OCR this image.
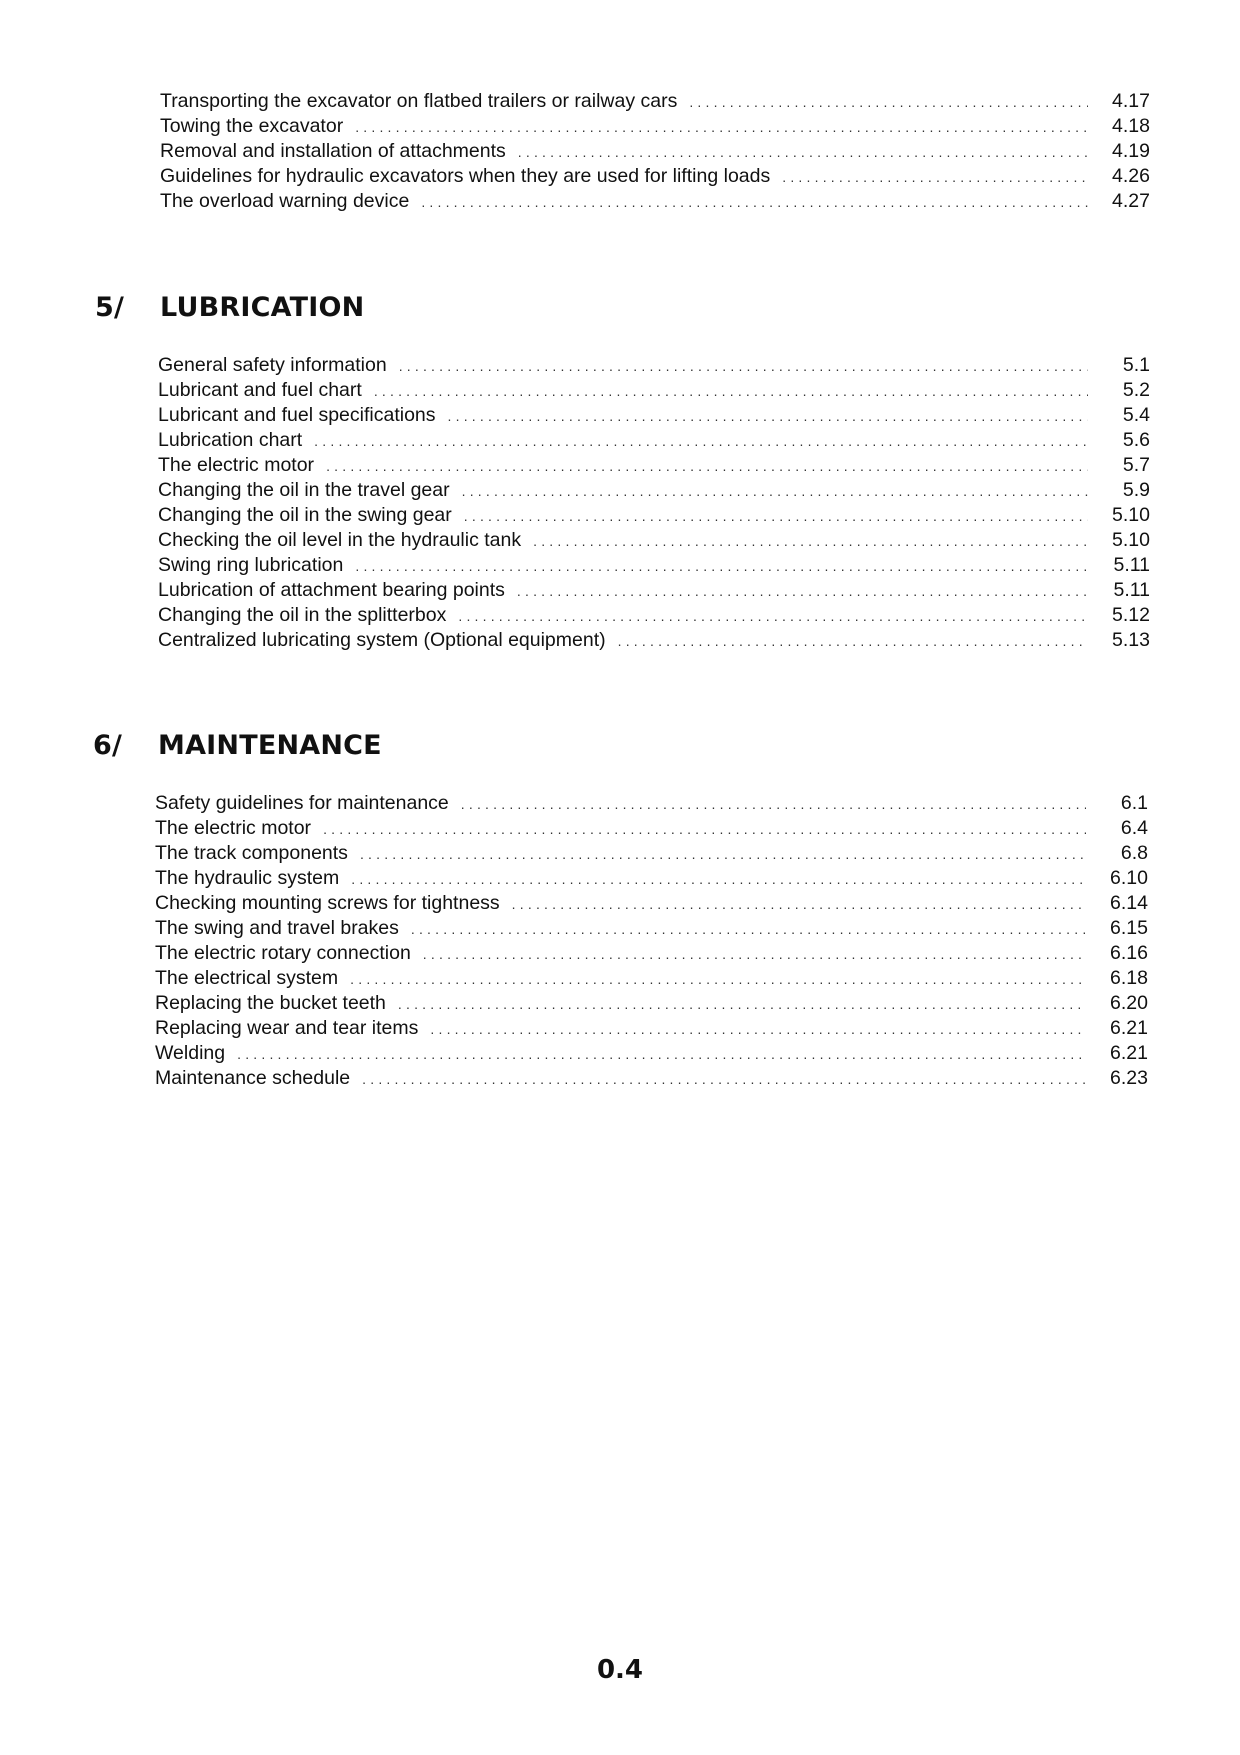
Transporting the excavator on flatbed trailers or railway cars .....	4.17
Towing the excavator .....	4.18
Removal and installation of attachments .....	4.19
Guidelines for hydraulic excavators when they are used for lifting loads .....	4.26
The overload warning device .....	4.27
5/	LUBRICATION
General safety information .....	5.1
Lubricant and fuel chart .....	5.2
Lubricant and fuel specifications .....	5.4
Lubrication chart .....	5.6
The electric motor .....	5.7
Changing the oil in the travel gear .....	5.9
Changing the oil in the swing gear .....	5.10
Checking the oil level in the hydraulic tank .....	5.10
Swing ring lubrication .....	5.11
Lubrication of attachment bearing points .....	5.11
Changing the oil in the splitterbox .....	5.12
Centralized lubricating system (Optional equipment) .....	5.13
6/	MAINTENANCE
Safety guidelines for maintenance .....	6.1
The electric motor .....	6.4
The track components .....	6.8
The hydraulic system .....	6.10
Checking mounting screws for tightness .....	6.14
The swing and travel brakes .....	6.15
The electric rotary connection .....	6.16
The electrical system .....	6.18
Replacing the bucket teeth .....	6.20
Replacing wear and tear items .....	6.21
Welding .....	6.21
Maintenance schedule .....	6.23
0.4
